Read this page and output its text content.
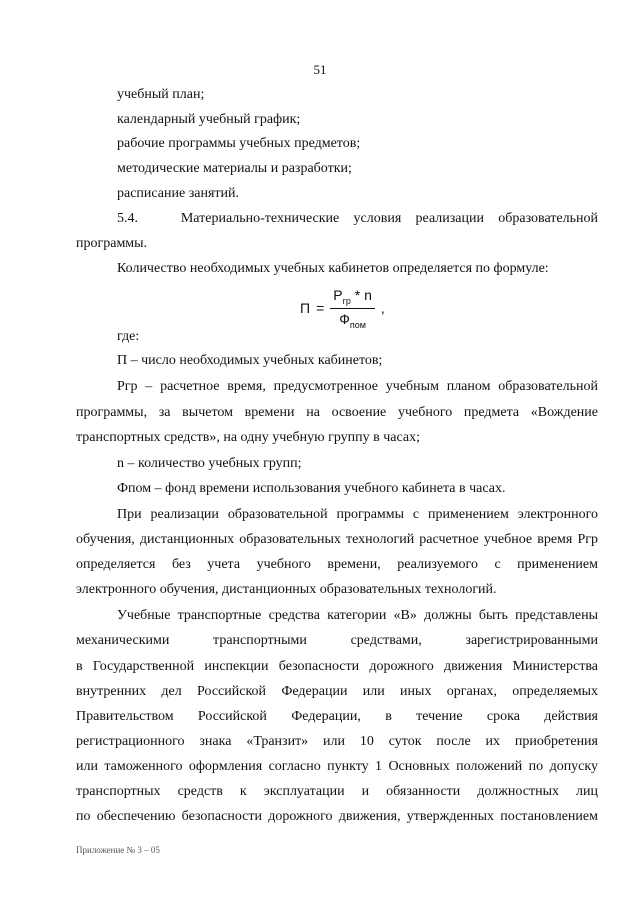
51
учебный план;
календарный учебный график;
рабочие программы учебных предметов;
методические материалы и разработки;
расписание занятий.
5.4.   Материально-технические условия реализации образовательной
программы.
Количество необходимых учебных кабинетов определяется по формуле:
$П = \frac{Р_{гр} * n}{Ф_{пом}}$ ,
где:
П – число необходимых учебных кабинетов;
Ргр – расчетное время, предусмотренное учебным планом образовательной
программы, за вычетом времени на освоение учебного предмета «Вождение
транспортных средств», на одну учебную группу в часах;
n – количество учебных групп;
Фпом – фонд времени использования учебного кабинета в часах.
При реализации образовательной программы с применением электронного
обучения, дистанционных образовательных технологий расчетное учебное время Ргр
определяется без учета учебного времени, реализуемого с применением
электронного обучения, дистанционных образовательных технологий.
Учебные транспортные средства категории «В» должны быть представлены
механическими транспортными средствами, зарегистрированными
в Государственной инспекции безопасности дорожного движения Министерства
внутренних дел Российской Федерации или иных органах, определяемых
Правительством Российской Федерации, в течение срока действия
регистрационного знака «Транзит» или 10 суток после их приобретения
или таможенного оформления согласно пункту 1 Основных положений по допуску
транспортных средств к эксплуатации и обязанности должностных лиц
по обеспечению безопасности дорожного движения, утвержденных постановлением
Приложение № 3 – 05
